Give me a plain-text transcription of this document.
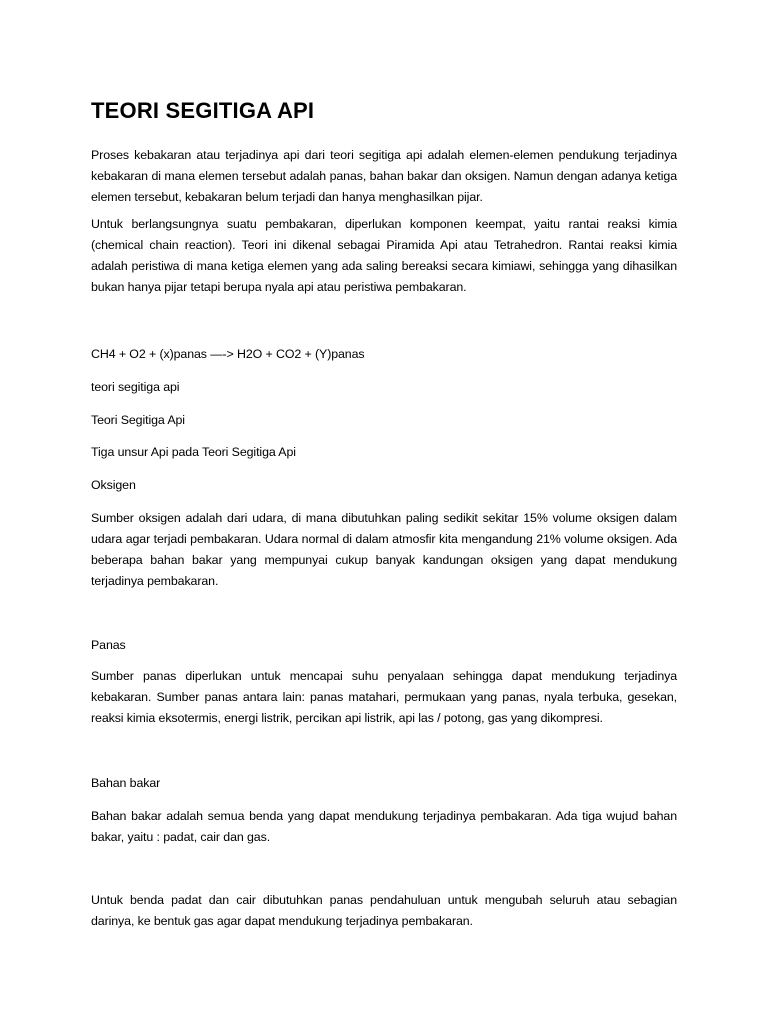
TEORI SEGITIGA API

Proses kebakaran atau terjadinya api dari teori segitiga api adalah elemen-elemen pendukung terjadinya kebakaran di mana elemen tersebut adalah panas, bahan bakar dan oksigen. Namun dengan adanya ketiga elemen tersebut, kebakaran belum terjadi dan hanya menghasilkan pijar.

Untuk berlangsungnya suatu pembakaran, diperlukan komponen keempat, yaitu rantai reaksi kimia (chemical chain reaction). Teori ini dikenal sebagai Piramida Api atau Tetrahedron. Rantai reaksi kimia adalah peristiwa di mana ketiga elemen yang ada saling bereaksi secara kimiawi, sehingga yang dihasilkan bukan hanya pijar tetapi berupa nyala api atau peristiwa pembakaran.

CH4 + O2 + (x)panas —-> H2O + CO2 + (Y)panas

teori segitiga api

Teori Segitiga Api

Tiga unsur Api pada Teori Segitiga Api

Oksigen

Sumber oksigen adalah dari udara, di mana dibutuhkan paling sedikit sekitar 15% volume oksigen dalam udara agar terjadi pembakaran. Udara normal di dalam atmosfir kita mengandung 21% volume oksigen. Ada beberapa bahan bakar yang mempunyai cukup banyak kandungan oksigen yang dapat mendukung terjadinya pembakaran.

Panas

Sumber panas diperlukan untuk mencapai suhu penyalaan sehingga dapat mendukung terjadinya kebakaran. Sumber panas antara lain: panas matahari, permukaan yang panas, nyala terbuka, gesekan, reaksi kimia eksotermis, energi listrik, percikan api listrik, api las / potong, gas yang dikompresi.

Bahan bakar

Bahan bakar adalah semua benda yang dapat mendukung terjadinya pembakaran. Ada tiga wujud bahan bakar, yaitu : padat, cair dan gas.

Untuk benda padat dan cair dibutuhkan panas pendahuluan untuk mengubah seluruh atau sebagian darinya, ke bentuk gas agar dapat mendukung terjadinya pembakaran.
